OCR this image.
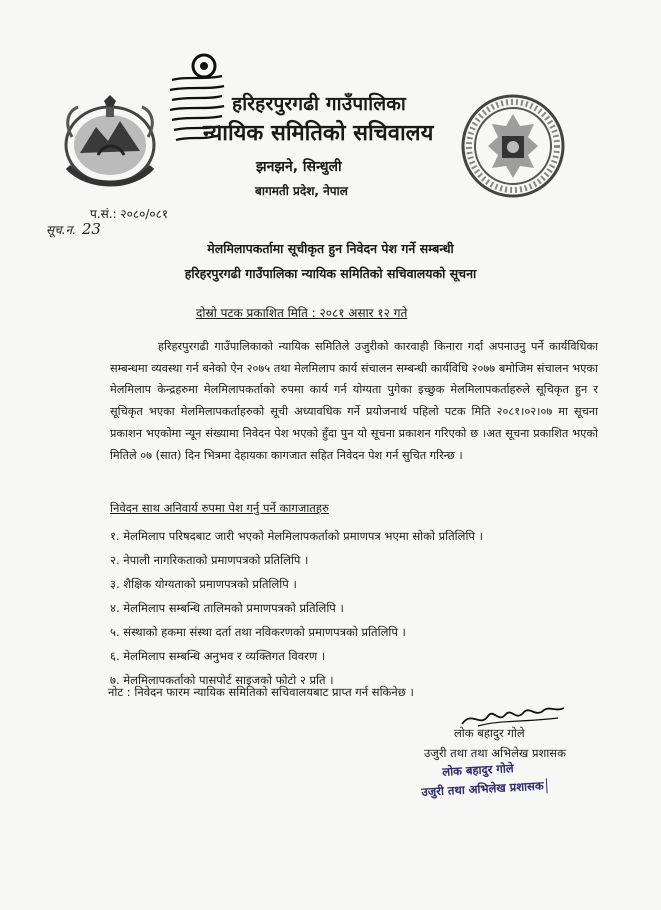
हरिहरपुरगढी गाउँपालिका
न्यायिक समितिको सचिवालय
झनझने, सिन्धुली
बागमती प्रदेश, नेपाल
प.सं.: २०८०/०८१
सूच.न. 23
मेलमिलापकर्तामा सूचीकृत हुन निवेदन पेश गर्ने सम्बन्धी
हरिहरपुरगढी गाउँपालिका न्यायिक समितिको सचिवालयको सूचना
दोस्रो पटक प्रकाशित मिति : २०८१ असार १२ गते

हरिहरपुरगढी गाउँपालिकाको न्यायिक समितिले उजुरीको कारवाही किनारा गर्दा अपनाउनु पर्ने कार्यविधिका सम्बन्धमा व्यवस्था गर्न बनेको ऐन २०७५ तथा मेलमिलाप कार्य संचालन सम्बन्धी कार्यविधि २०७७ बमोजिम संचालन भएका मेलमिलाप केन्द्रहरुमा मेलमिलापकर्ताको रुपमा कार्य गर्न योग्यता पुगेका इच्छुक मेलमिलापकर्ताहरुले सूचिकृत हुन र सूचिकृत भएका मेलमिलापकर्ताहरुको सूची अध्यावधिक गर्ने प्रयोजनार्थ पहिलो पटक मिति २०८१।०२।०७ मा सूचना प्रकाशन भएकोमा न्यून संख्यामा निवेदन पेश भएको हुँदा पुन यो सूचना प्रकाशन गरिएको छ ।अत सूचना प्रकाशित भएको मितिले ०७ (सात) दिन भित्रमा देहायका कागजात सहित निवेदन पेश गर्न सुचित गरिन्छ ।

निवेदन साथ अनिवार्य रुपमा पेश गर्नु पर्ने कागजातहरु
१. मेलमिलाप परिषदबाट जारी भएको मेलमिलापकर्ताको प्रमाणपत्र भएमा सोको प्रतिलिपि ।
२. नेपाली नागरिकताको प्रमाणपत्रको प्रतिलिपि ।
३. शैक्षिक योग्यताको प्रमाणपत्रको प्रतिलिपि ।
४. मेलमिलाप सम्बन्धि तालिमको प्रमाणपत्रको प्रतिलिपि ।
५. संस्थाको हकमा संस्था दर्ता तथा नविकरणको प्रमाणपत्रको प्रतिलिपि ।
६. मेलमिलाप सम्बन्धि अनुभव र व्यक्तिगत विवरण ।
७. मेलमिलापकर्ताको पासपोर्ट साइजको फोटो २ प्रति ।
नोट : निवेदन फारम न्यायिक समितिको सचिवालयबाट प्राप्त गर्न सकिनेछ ।
लोक बहादुर गोले
उजुरी तथा तथा अभिलेख प्रशासक
लोक बहादुर गोले
उजुरी तथा अभिलेख प्रशासक
